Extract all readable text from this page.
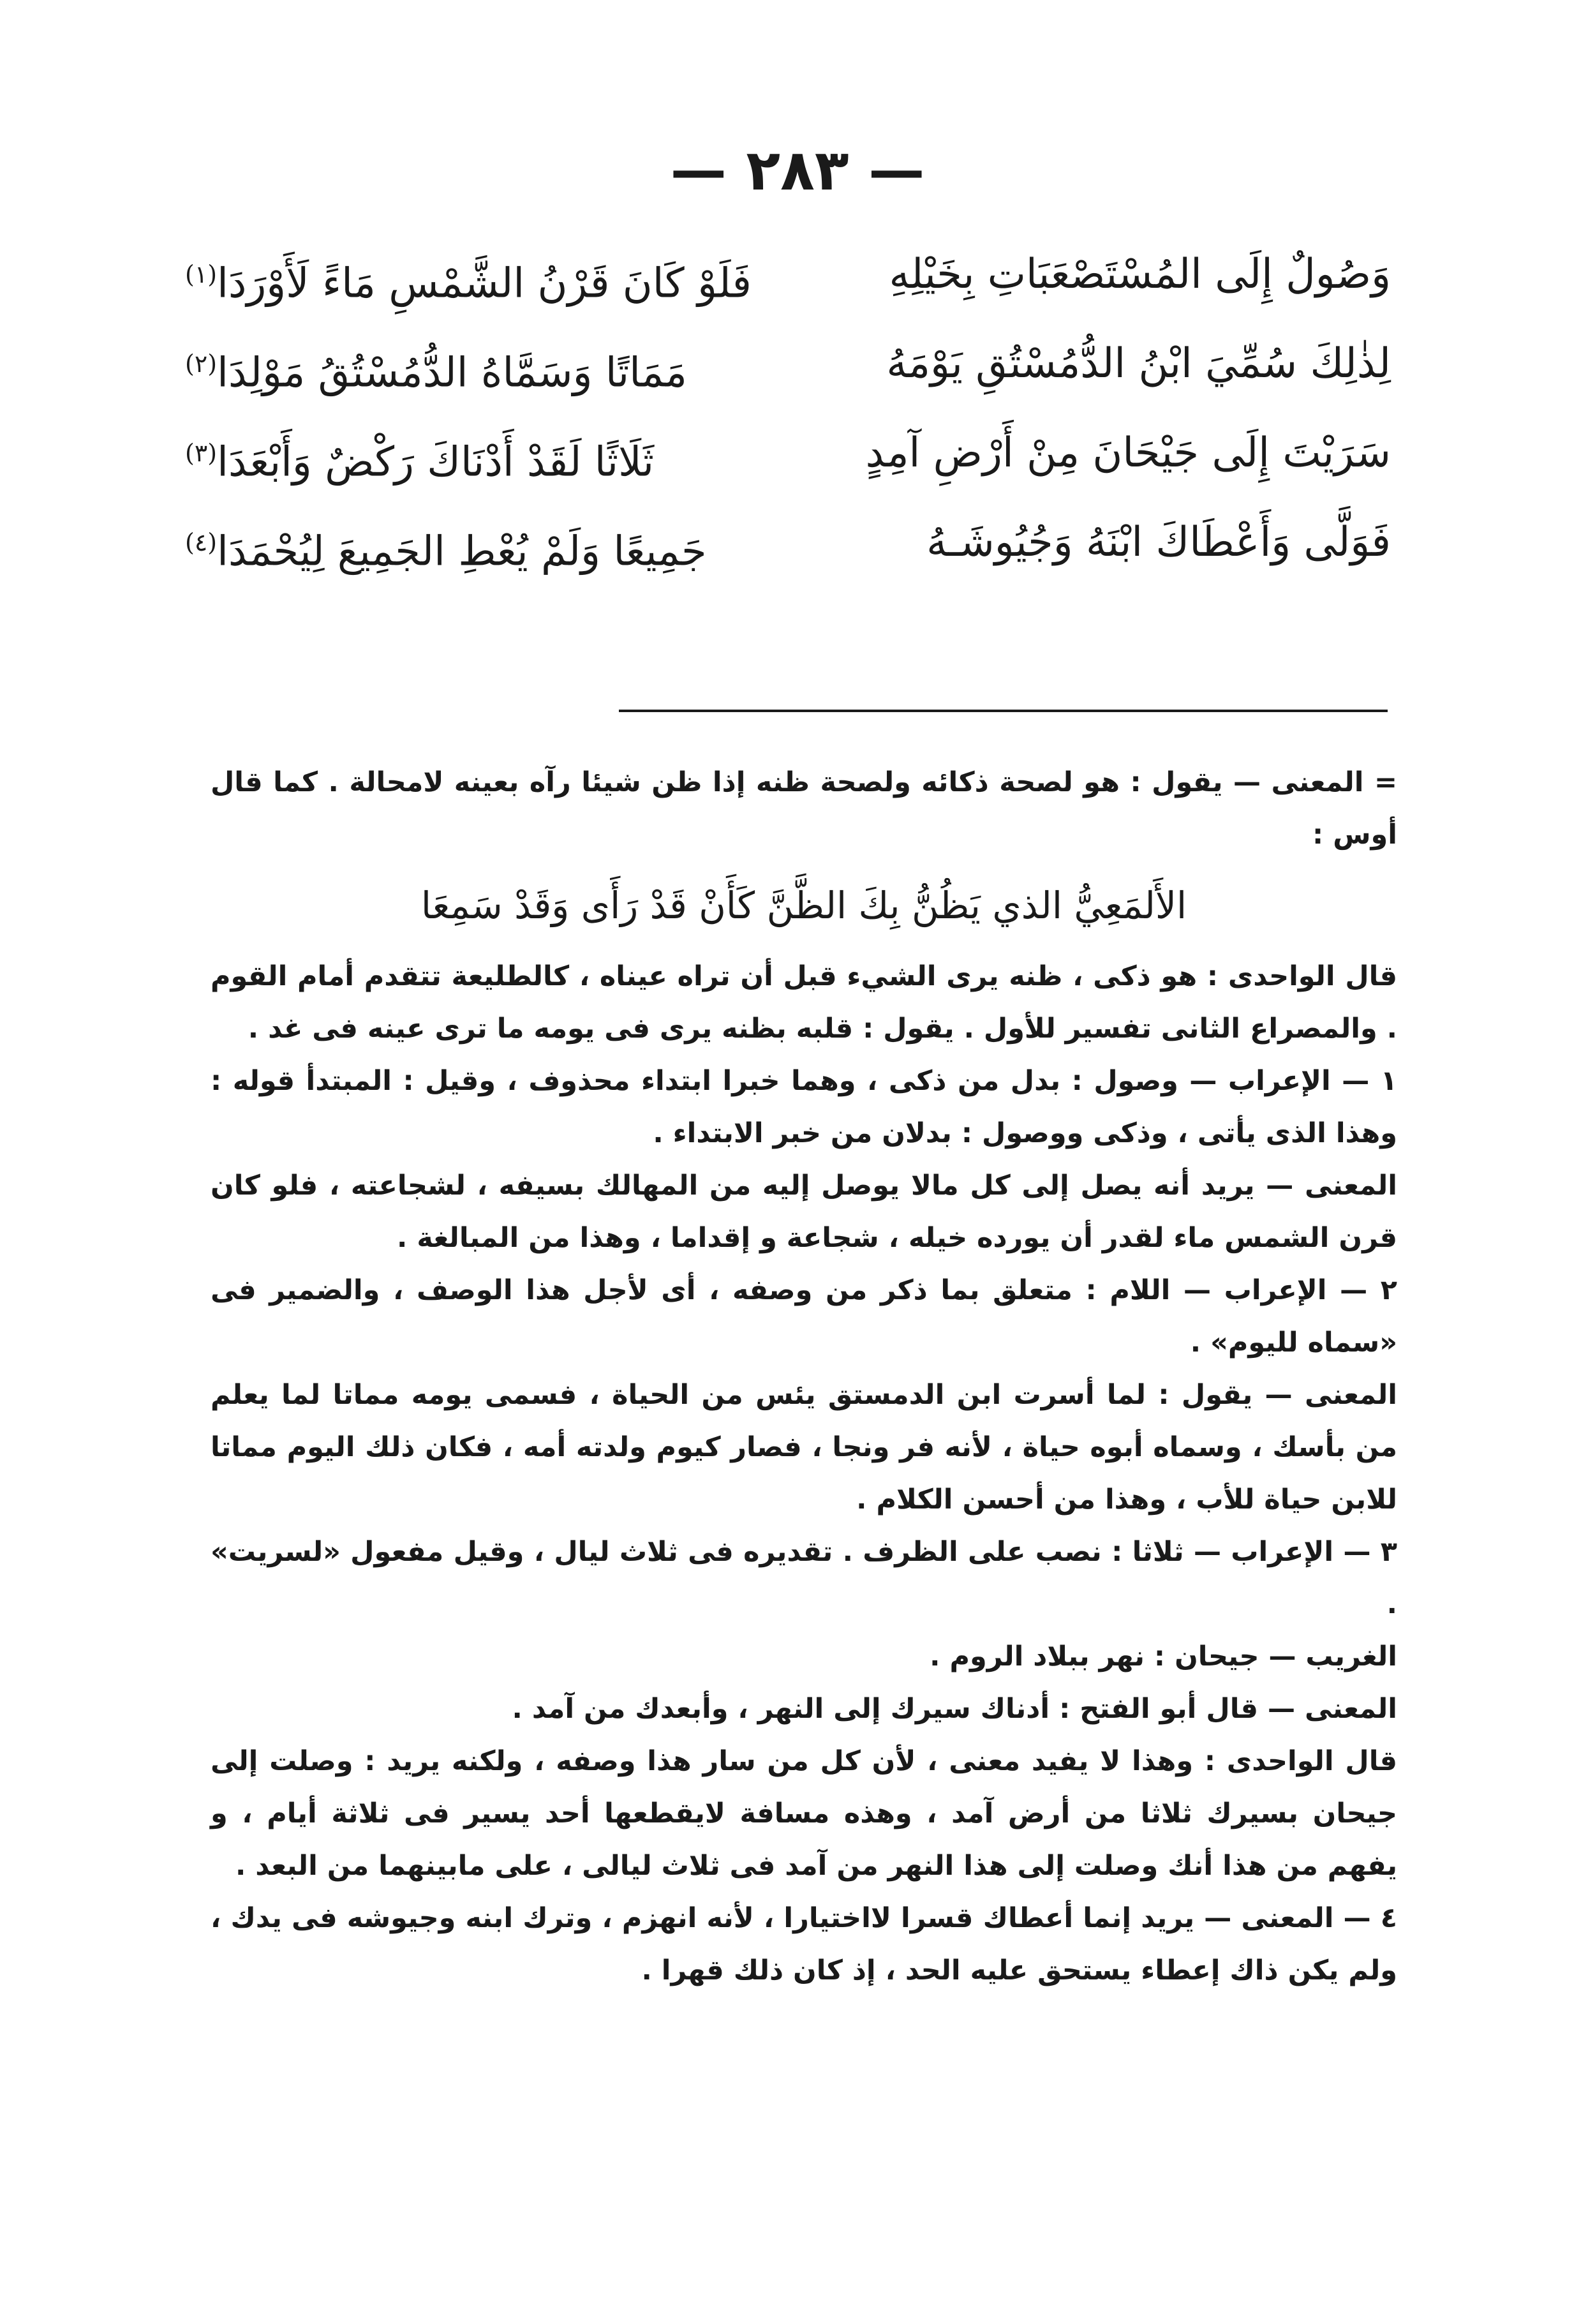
— ٢٨٣ —
وَصُولٌ إِلَى المُسْتَصْعَبَاتِ بِخَيْلِهِ
فَلَوْ كَانَ قَرْنُ الشَّمْسِ مَاءً لَأَوْرَدَا$^{(١)}$
لِذٰلِكَ سُمِّيَ ابْنُ الدُّمُسْتُقِ يَوْمَهُ
مَمَاتًا وَسَمَّاهُ الدُّمُسْتُقُ مَوْلِدَا$^{(٢)}$
سَرَيْتَ إِلَى جَيْحَانَ مِنْ أَرْضِ آمِدٍ
ثَلَاثًا لَقَدْ أَدْنَاكَ رَكْضٌ وَأَبْعَدَا$^{(٣)}$
فَوَلَّى وَأَعْطَاكَ ابْنَهُ وَجُيُوشَـهُ
جَمِيعًا وَلَمْ يُعْطِ الجَمِيعَ لِيُحْمَدَا$^{(٤)}$

= المعنى — يقول : هو لصحة ذكائه ولصحة ظنه إذا ظن شيئا رآه بعينه لامحالة . كما قال أوس :

الأَلمَعِيُّ الذي يَظُنُّ بِكَ الظَّنَّ كَأَنْ قَدْ رَأَى وَقَدْ سَمِعَا

قال الواحدى : هو ذكى ، ظنه يرى الشيء قبل أن تراه عيناه ، كالطليعة تتقدم أمام القوم . والمصراع الثانى تفسير للأول . يقول : قلبه بظنه يرى فى يومه ما ترى عينه فى غد .

١ — الإعراب — وصول : بدل من ذكى ، وهما خبرا ابتداء محذوف ، وقيل : المبتدأ قوله : وهذا الذى يأتى ، وذكى ووصول : بدلان من خبر الابتداء .

المعنى — يريد أنه يصل إلى كل مالا يوصل إليه من المهالك بسيفه ، لشجاعته ، فلو كان قرن الشمس ماء لقدر أن يورده خيله ، شجاعة و إقداما ، وهذا من المبالغة .

٢ — الإعراب — اللام : متعلق بما ذكر من وصفه ، أى لأجل هذا الوصف ، والضمير فى «سماه لليوم» .

المعنى — يقول : لما أسرت ابن الدمستق يئس من الحياة ، فسمى يومه مماتا لما يعلم من بأسك ، وسماه أبوه حياة ، لأنه فر ونجا ، فصار كيوم ولدته أمه ، فكان ذلك اليوم مماتا للابن حياة للأب ، وهذا من أحسن الكلام .

٣ — الإعراب — ثلاثا : نصب على الظرف . تقديره فى ثلاث ليال ، وقيل مفعول «لسريت» .

الغريب — جيحان : نهر ببلاد الروم .

المعنى — قال أبو الفتح : أدناك سيرك إلى النهر ، وأبعدك من آمد .

قال الواحدى : وهذا لا يفيد معنى ، لأن كل من سار هذا وصفه ، ولكنه يريد : وصلت إلى جيحان بسيرك ثلاثا من أرض آمد ، وهذه مسافة لايقطعها أحد يسير فى ثلاثة أيام ، و يفهم من هذا أنك وصلت إلى هذا النهر من آمد فى ثلاث ليالى ، على مابينهما من البعد .

٤ — المعنى — يريد إنما أعطاك قسرا لااختيارا ، لأنه انهزم ، وترك ابنه وجيوشه فى يدك ، ولم يكن ذاك إعطاء يستحق عليه الحد ، إذ كان ذلك قهرا .
